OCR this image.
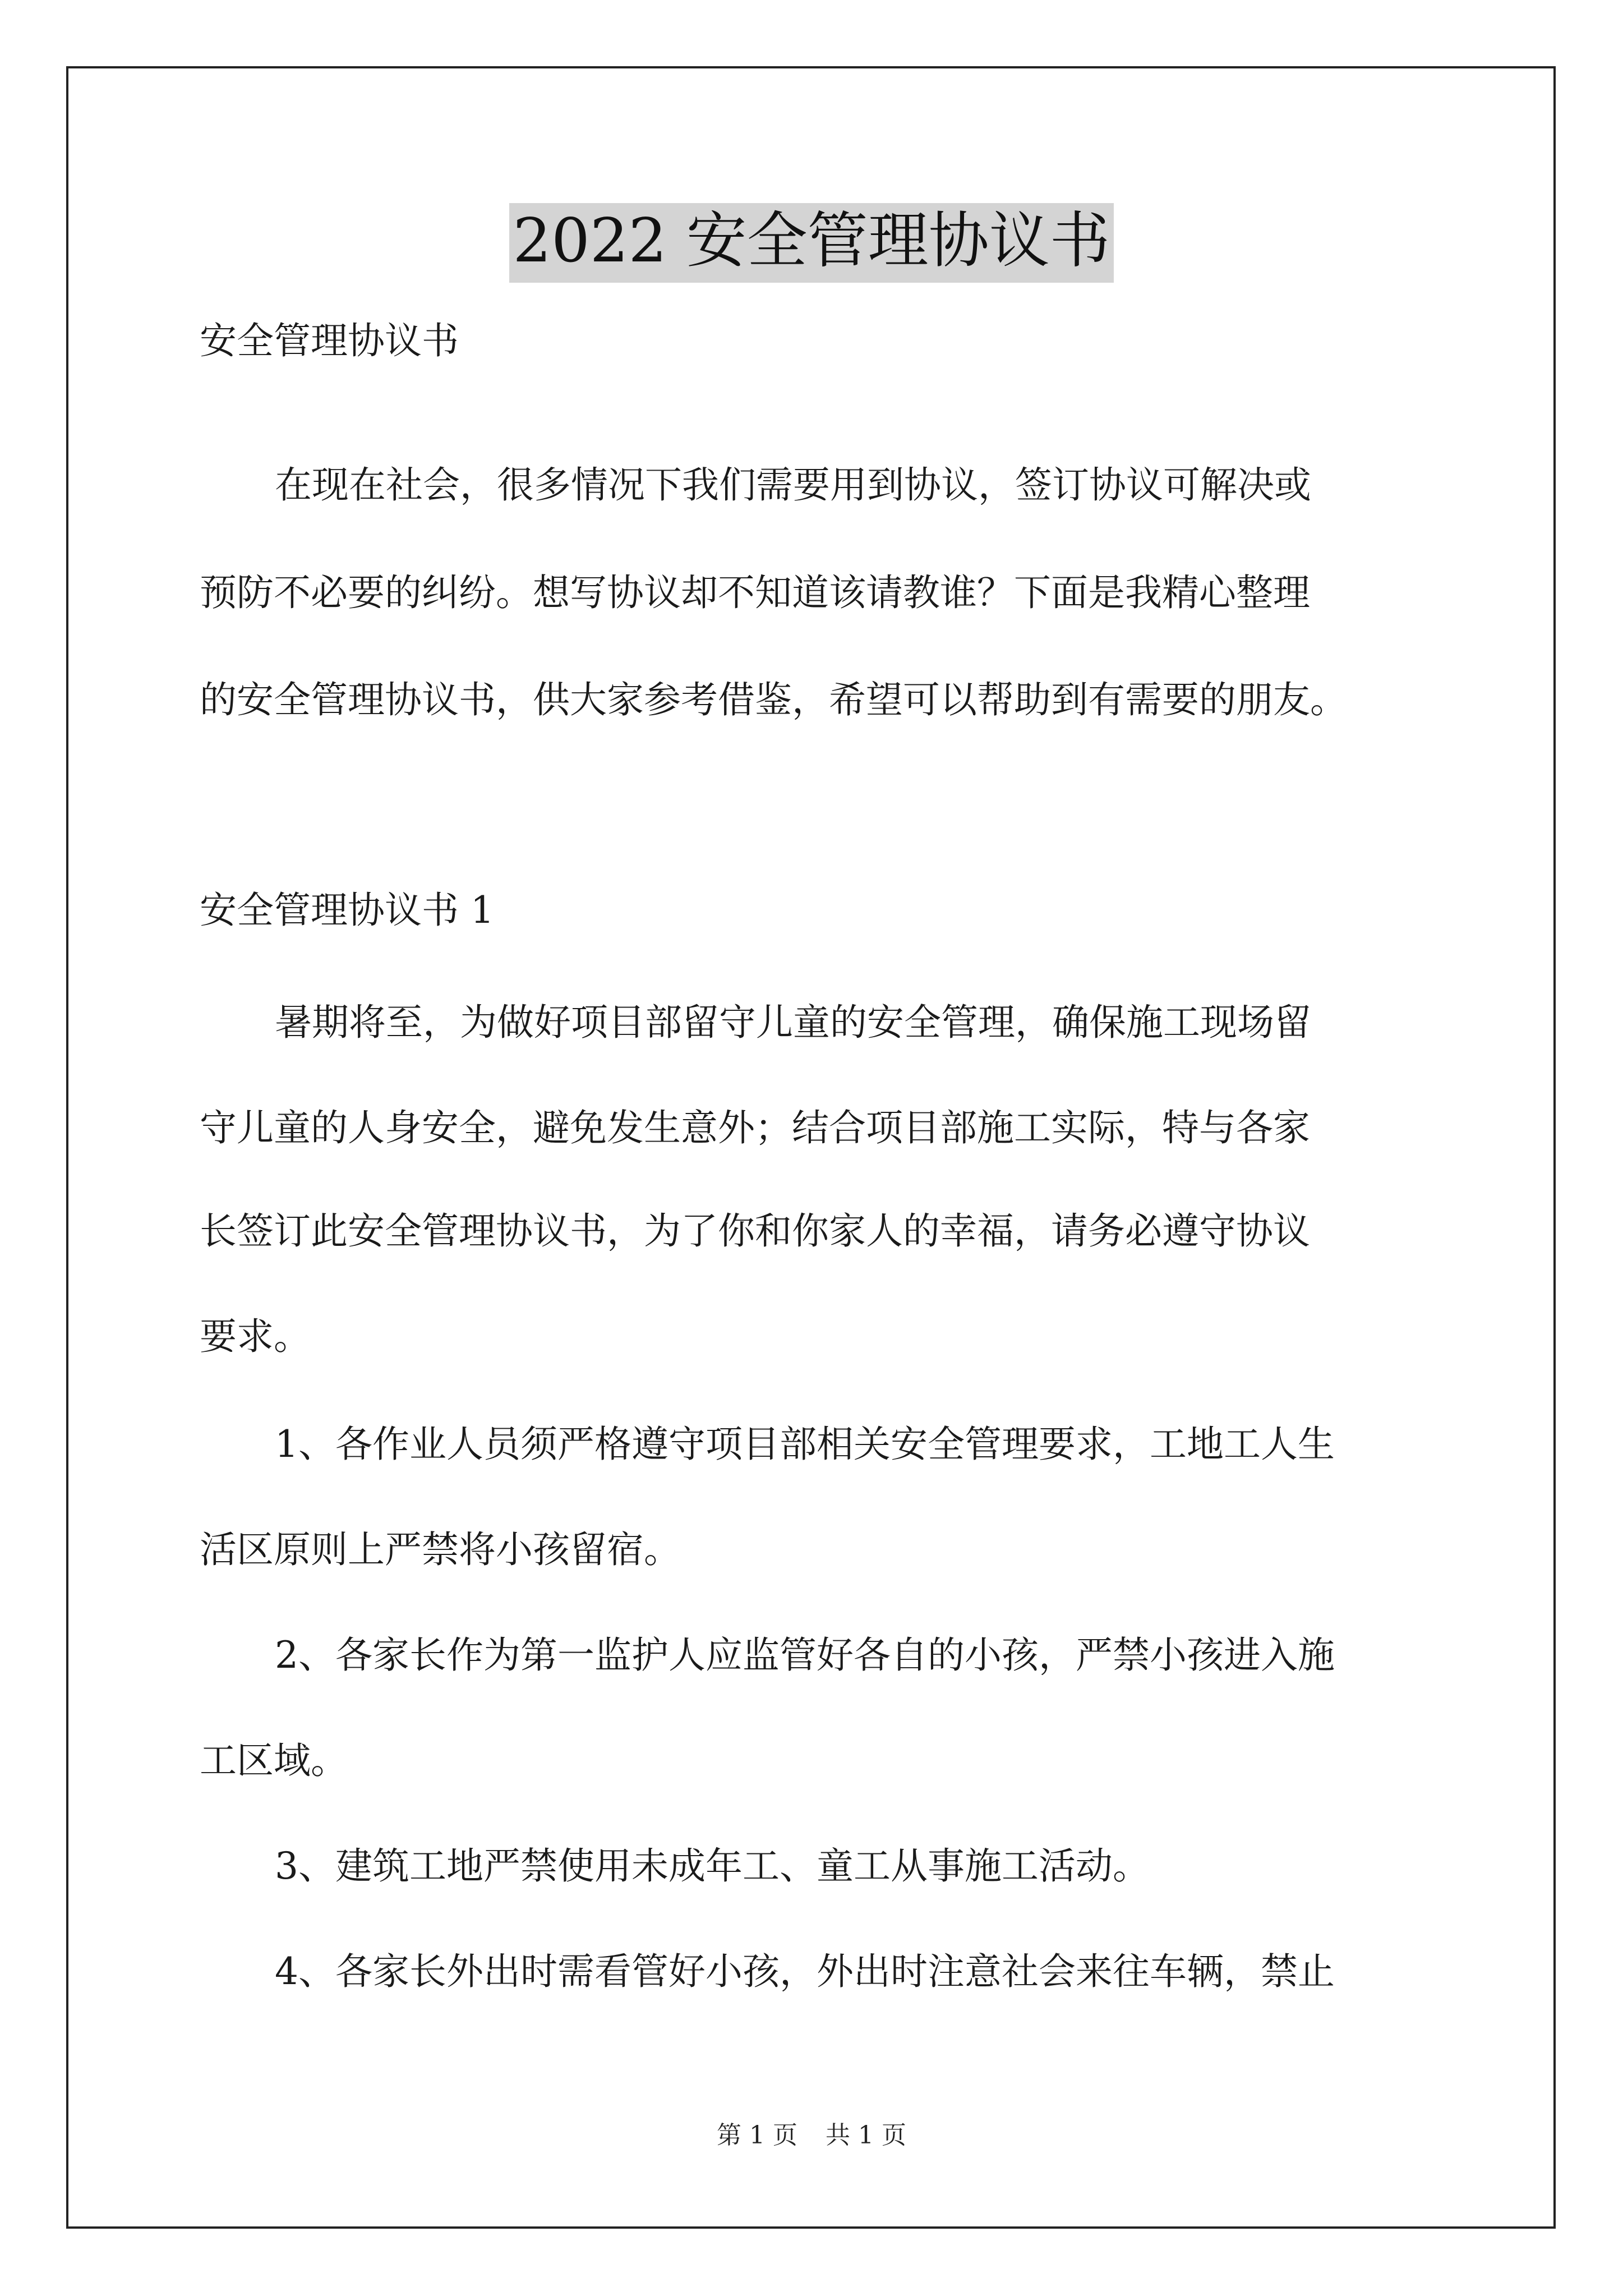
2022 安全管理协议书
安全管理协议书
在现在社会，很多情况下我们需要用到协议，签订协议可解决或
预防不必要的纠纷。想写协议却不知道该请教谁？下面是我精心整理
的安全管理协议书，供大家参考借鉴，希望可以帮助到有需要的朋友。
安全管理协议书 1
暑期将至，为做好项目部留守儿童的安全管理，确保施工现场留
守儿童的人身安全，避免发生意外；结合项目部施工实际，特与各家
长签订此安全管理协议书，为了你和你家人的幸福，请务必遵守协议
要求。
1、各作业人员须严格遵守项目部相关安全管理要求，工地工人生
活区原则上严禁将小孩留宿。
2、各家长作为第一监护人应监管好各自的小孩，严禁小孩进入施
工区域。
3、建筑工地严禁使用未成年工、童工从事施工活动。
4、各家长外出时需看管好小孩，外出时注意社会来往车辆，禁止
第 1 页 共 1 页
